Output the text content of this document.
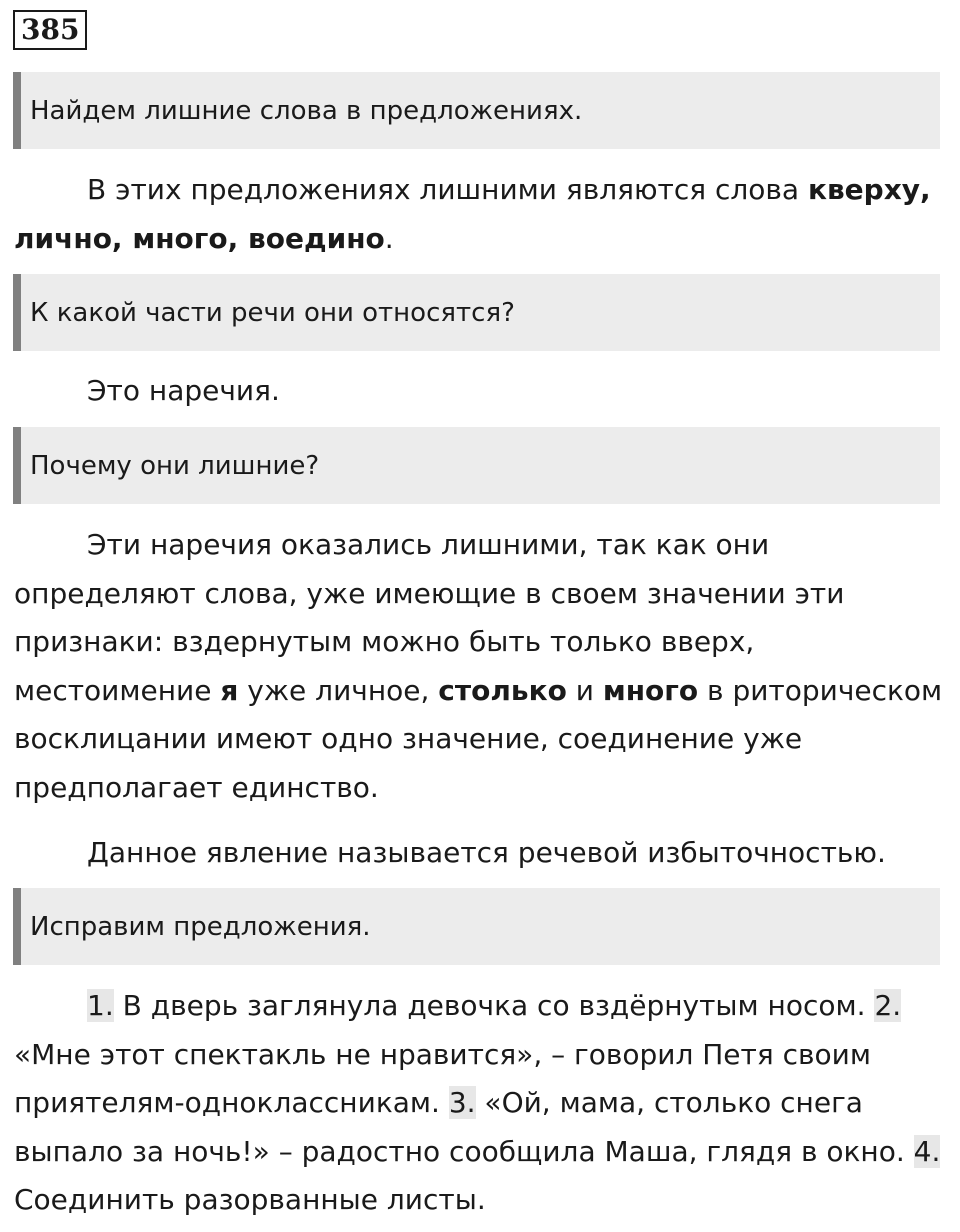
385
Найдем лишние слова в предложениях.

В этих предложениях лишними являются слова кверху, лично, много, воедино.

К какой части речи они относятся?

Это наречия.

Почему они лишние?

Эти наречия оказались лишними, так как они определяют слова, уже имеющие в своем значении эти признаки: вздернутым можно быть только вверх, местоимение я уже личное, столько и много в риторическом восклицании имеют одно значение, соединение уже предполагает единство.

Данное явление называется речевой избыточностью.

Исправим предложения.

1. В дверь заглянула девочка со вздёрнутым носом. 2. «Мне этот спектакль не нравится», – говорил Петя своим приятелям-одноклассникам. 3. «Ой, мама, столько снега выпало за ночь!» – радостно сообщила Маша, глядя в окно. 4. Соединить разорванные листы.
